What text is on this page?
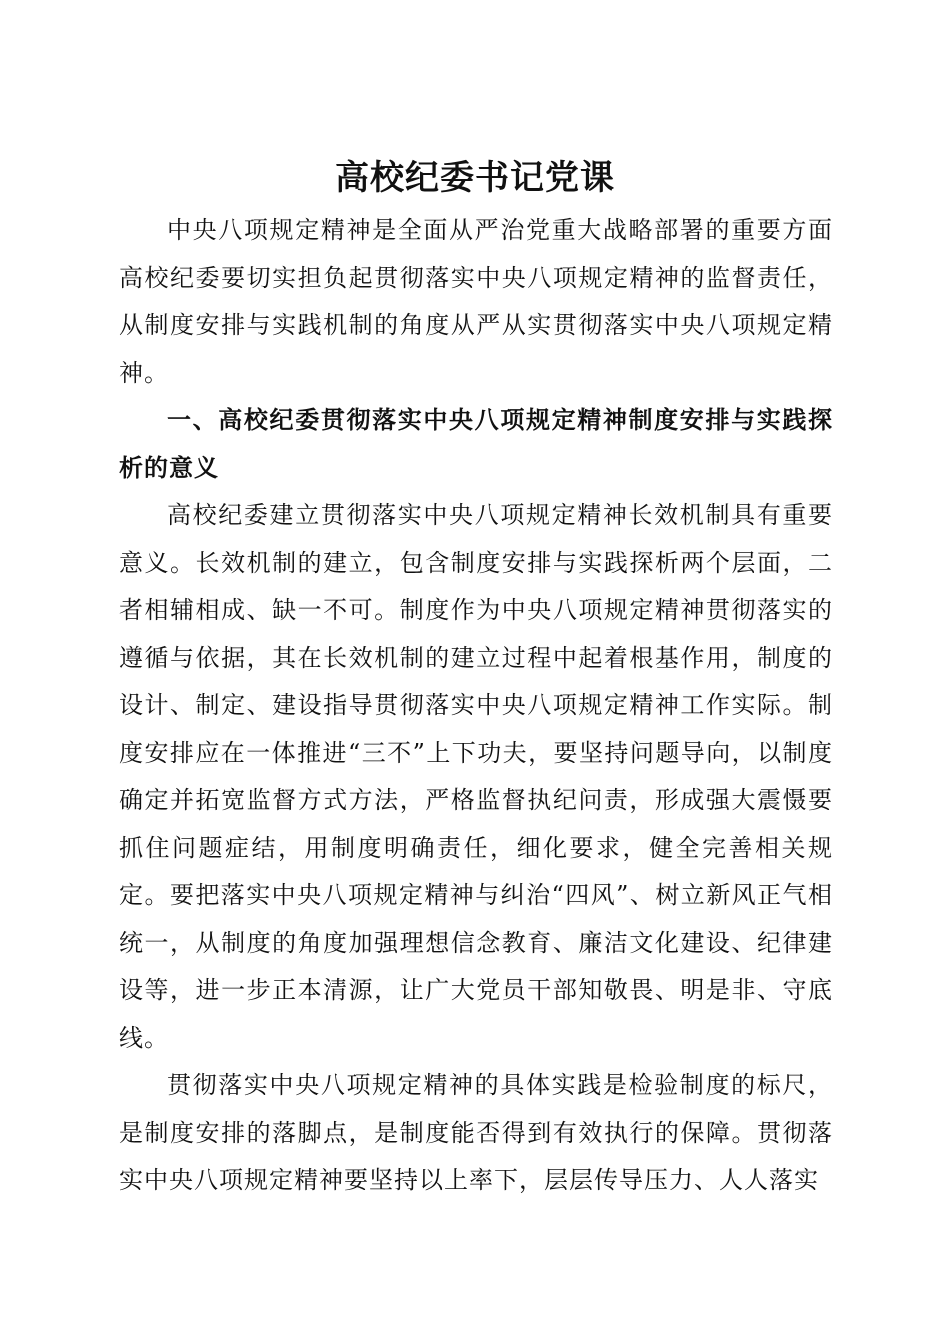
高校纪委书记党课

中央八项规定精神是全面从严治党重大战略部署的重要方面高校纪委要切实担负起贯彻落实中央八项规定精神的监督责任，从制度安排与实践机制的角度从严从实贯彻落实中央八项规定精神。

一、高校纪委贯彻落实中央八项规定精神制度安排与实践探析的意义

高校纪委建立贯彻落实中央八项规定精神长效机制具有重要意义。长效机制的建立，包含制度安排与实践探析两个层面，二者相辅相成、缺一不可。制度作为中央八项规定精神贯彻落实的遵循与依据，其在长效机制的建立过程中起着根基作用，制度的设计、制定、建设指导贯彻落实中央八项规定精神工作实际。制度安排应在一体推进“三不”上下功夫，要坚持问题导向，以制度确定并拓宽监督方式方法，严格监督执纪问责，形成强大震慑要抓住问题症结，用制度明确责任，细化要求，健全完善相关规定。要把落实中央八项规定精神与纠治“四风”、树立新风正气相统一，从制度的角度加强理想信念教育、廉洁文化建设、纪律建设等，进一步正本清源，让广大党员干部知敬畏、明是非、守底线。

贯彻落实中央八项规定精神的具体实践是检验制度的标尺，是制度安排的落脚点，是制度能否得到有效执行的保障。贯彻落实中央八项规定精神要坚持以上率下，层层传导压力、人人落实
